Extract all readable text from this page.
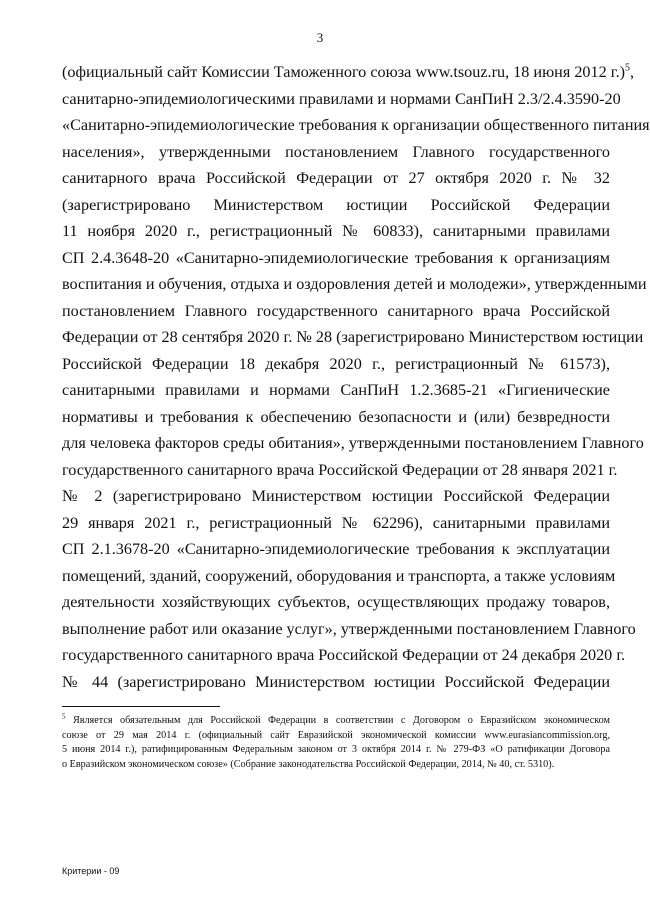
3
(официальный сайт Комиссии Таможенного союза www.tsouz.ru, 18 июня 2012 г.)$^5$,
санитарно-эпидемиологическими правилами и нормами СанПиН 2.3/2.4.3590-20
«Санитарно-эпидемиологические требования к организации общественного питания
населения», утвержденными постановлением Главного государственного
санитарного врача Российской Федерации от 27 октября 2020 г. № 32
(зарегистрировано Министерством юстиции Российской Федерации
11 ноября 2020 г., регистрационный № 60833), санитарными правилами
СП 2.4.3648-20 «Санитарно-эпидемиологические требования к организациям
воспитания и обучения, отдыха и оздоровления детей и молодежи», утвержденными
постановлением Главного государственного санитарного врача Российской
Федерации от 28 сентября 2020 г. № 28 (зарегистрировано Министерством юстиции
Российской Федерации 18 декабря 2020 г., регистрационный № 61573),
санитарными правилами и нормами СанПиН 1.2.3685-21 «Гигиенические
нормативы и требования к обеспечению безопасности и (или) безвредности
для человека факторов среды обитания», утвержденными постановлением Главного
государственного санитарного врача Российской Федерации от 28 января 2021 г.
№ 2 (зарегистрировано Министерством юстиции Российской Федерации
29 января 2021 г., регистрационный № 62296), санитарными правилами
СП 2.1.3678-20 «Санитарно-эпидемиологические требования к эксплуатации
помещений, зданий, сооружений, оборудования и транспорта, а также условиям
деятельности хозяйствующих субъектов, осуществляющих продажу товаров,
выполнение работ или оказание услуг», утвержденными постановлением Главного
государственного санитарного врача Российской Федерации от 24 декабря 2020 г.
№ 44 (зарегистрировано Министерством юстиции Российской Федерации
$^5$ Является обязательным для Российской Федерации в соответствии с Договором о Евразийском экономическом
союзе от 29 мая 2014 г. (официальный сайт Евразийской экономической комиссии www.eurasiancommission.org,
5 июня 2014 г.), ратифицированным Федеральным законом от 3 октября 2014 г. № 279-ФЗ «О ратификации Договора
о Евразийском экономическом союзе» (Собрание законодательства Российской Федерации, 2014, № 40, ст. 5310).
Критерии - 09
